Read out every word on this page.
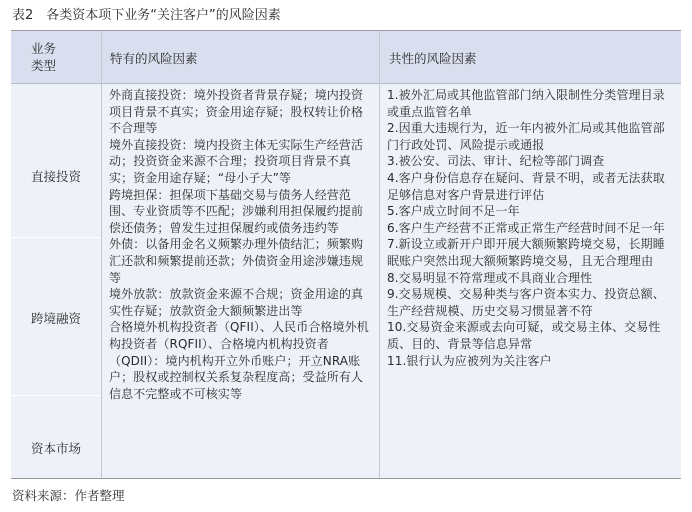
表2　各类资本项下业务“关注客户”的风险因素
业务
类型	特有的风险因素	共性的风险因素
直接投资
跨境融资
资本市场

外商直接投资：境外投资者背景存疑；境内投资项目背景不真实；资金用途存疑；股权转让价格不合理等
境外直接投资：境内投资主体无实际生产经营活动；投资资金来源不合理；投资项目背景不真实；资金用途存疑；“母小子大”等

跨境担保：担保项下基础交易与债务人经营范围、专业资质等不匹配；涉嫌利用担保履约提前偿还债务；曾发生过担保履约或债务违约等
外债：以备用金名义频繁办理外债结汇；频繁购汇还款和频繁提前还款；外债资金用途涉嫌违规等
境外放款：放款资金来源不合规；资金用途的真实性存疑；放款资金大额频繁进出等

合格境外机构投资者（QFII）、人民币合格境外机构投资者（RQFII）、合格境内机构投资者（QDII）：境内机构开立外币账户；开立NRA账户；股权或控制权关系复杂程度高；受益所有人信息不完整或不可核实等

1.被外汇局或其他监管部门纳入限制性分类管理目录或重点监管名单

2.因重大违规行为，近一年内被外汇局或其他监管部门行政处罚、风险提示或通报

3.被公安、司法、审计、纪检等部门调查

4.客户身份信息存在疑问、背景不明，或者无法获取足够信息对客户背景进行评估

5.客户成立时间不足一年

6.客户生产经营不正常或正常生产经营时间不足一年

7.新设立或新开户即开展大额频繁跨境交易，长期睡眠账户突然出现大额频繁跨境交易，且无合理理由

8.交易明显不符常理或不具商业合理性

9.交易规模、交易种类与客户资本实力、投资总额、生产经营规模、历史交易习惯显著不符

10.交易资金来源或去向可疑，或交易主体、交易性质、目的、背景等信息异常

11.银行认为应被列为关注客户

资料来源：作者整理
